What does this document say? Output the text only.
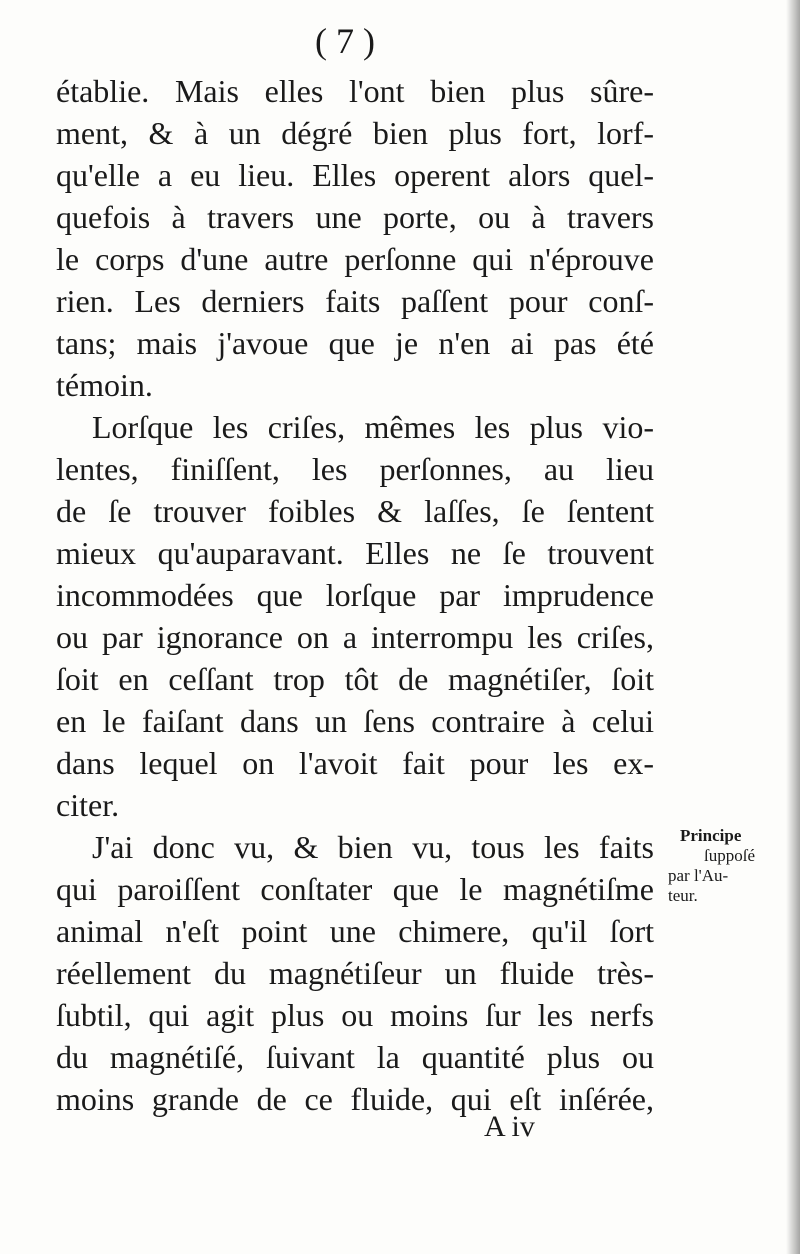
( 7 )
établie. Mais elles l'ont bien plus sûre-
ment, & à un dégré bien plus fort, lorf-
qu'elle a eu lieu. Elles operent alors quel-
quefois à travers une porte, ou à travers
le corps d'une autre perſonne qui n'éprouve
rien. Les derniers faits paſſent pour conſ-
tans; mais j'avoue que je n'en ai pas été
témoin.
Lorſque les criſes, mêmes les plus vio-
lentes, finiſſent, les perſonnes, au lieu
de ſe trouver foibles & laſſes, ſe ſentent
mieux qu'auparavant. Elles ne ſe trouvent
incommodées que lorſque par imprudence
ou par ignorance on a interrompu les criſes,
ſoit en ceſſant trop tôt de magnétiſer, ſoit
en le faiſant dans un ſens contraire à celui
dans lequel on l'avoit fait pour les ex-
citer.
J'ai donc vu, & bien vu, tous les faits
qui paroiſſent conſtater que le magnétiſme
animal n'eſt point une chimere, qu'il ſort
réellement du magnétiſeur un fluide très-
ſubtil, qui agit plus ou moins ſur les nerfs
du magnétiſé, ſuivant la quantité plus ou
moins grande de ce fluide, qui eſt inſérée,
Principe
ſuppoſé
par l'Au-
teur.
A iv
